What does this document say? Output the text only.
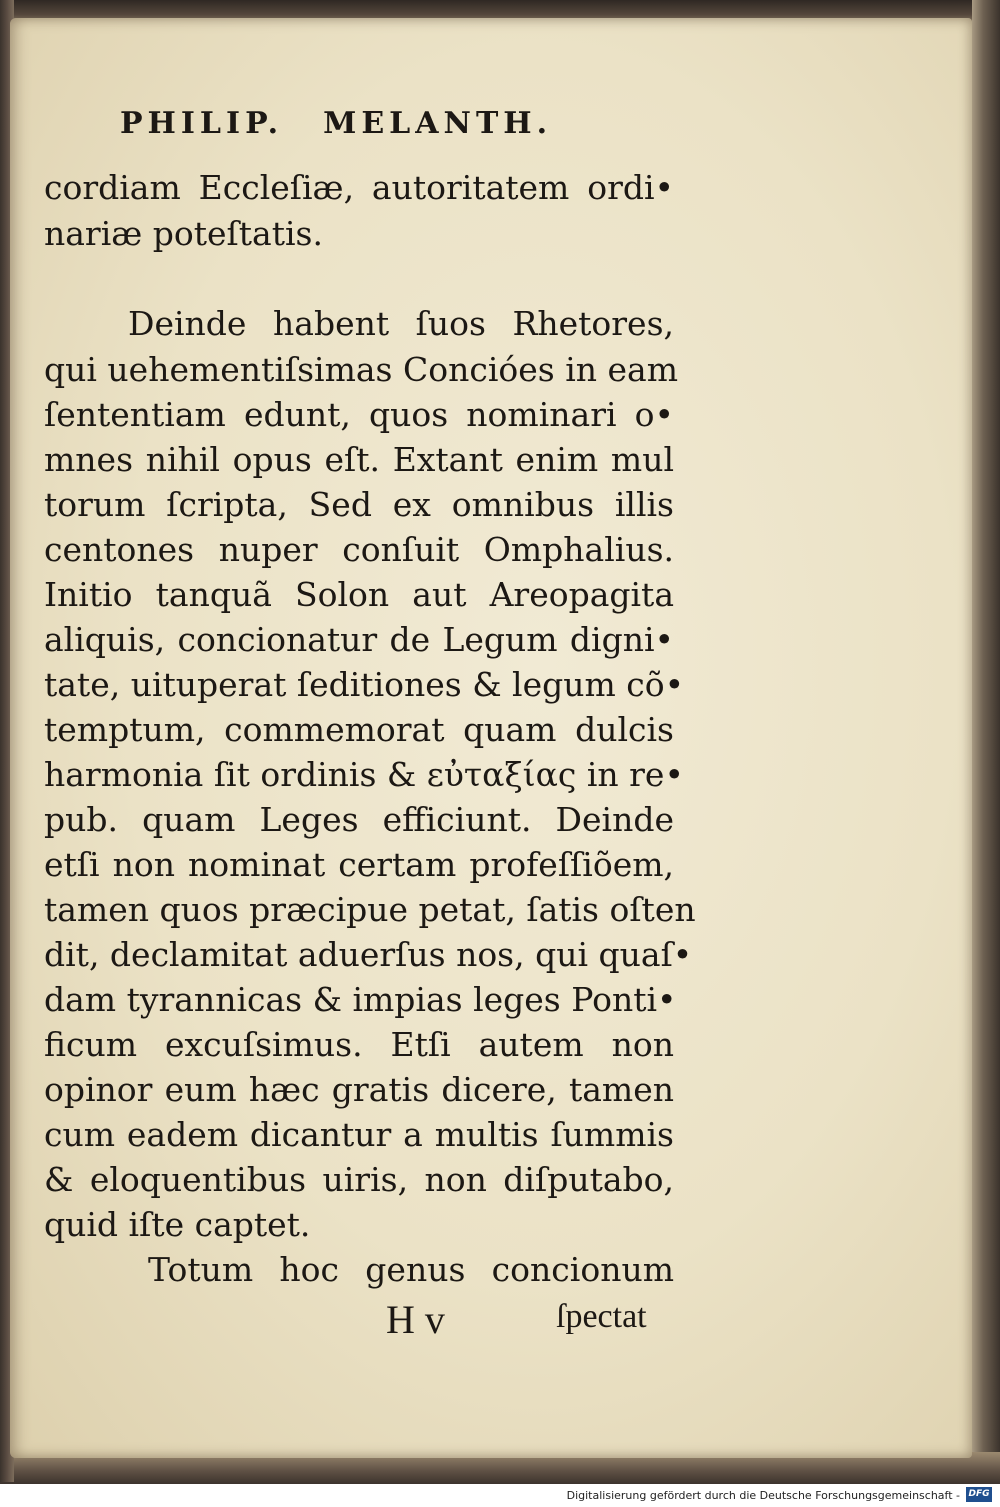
PHILIP. MELANTH.
cordiam Eccleſiæ, autoritatem ordi•
nariæ poteſtatis.
Deinde habent ſuos Rhetores,
qui uehementiſsimas Concióes in eam
ſententiam edunt, quos nominari o•
mnes nihil opus eſt. Extant enim mul
torum ſcripta, Sed ex omnibus illis
centones nuper conſuit Omphalius.
Initio tanquã Solon aut Areopagita
aliquis, concionatur de Legum digni•
tate, uituperat ſeditiones & legum cõ•
temptum, commemorat quam dulcis
harmonia ſit ordinis & εὐταξίας in re•
pub. quam Leges efficiunt. Deinde
etſi non nominat certam profeſſiõem,
tamen quos præcipue petat, ſatis oſten
dit, declamitat aduerſus nos, qui quaſ•
dam tyrannicas & impias leges Ponti•
ficum excuſsimus. Etſi autem non
opinor eum hæc gratis dicere, tamen
cum eadem dicantur a multis ſummis
& eloquentibus uiris, non diſputabo,
quid iſte captet.
Totum hoc genus concionum
H v	ſpectat
Digitalisierung gefördert durch die Deutsche Forschungsgemeinschaft - DFG
